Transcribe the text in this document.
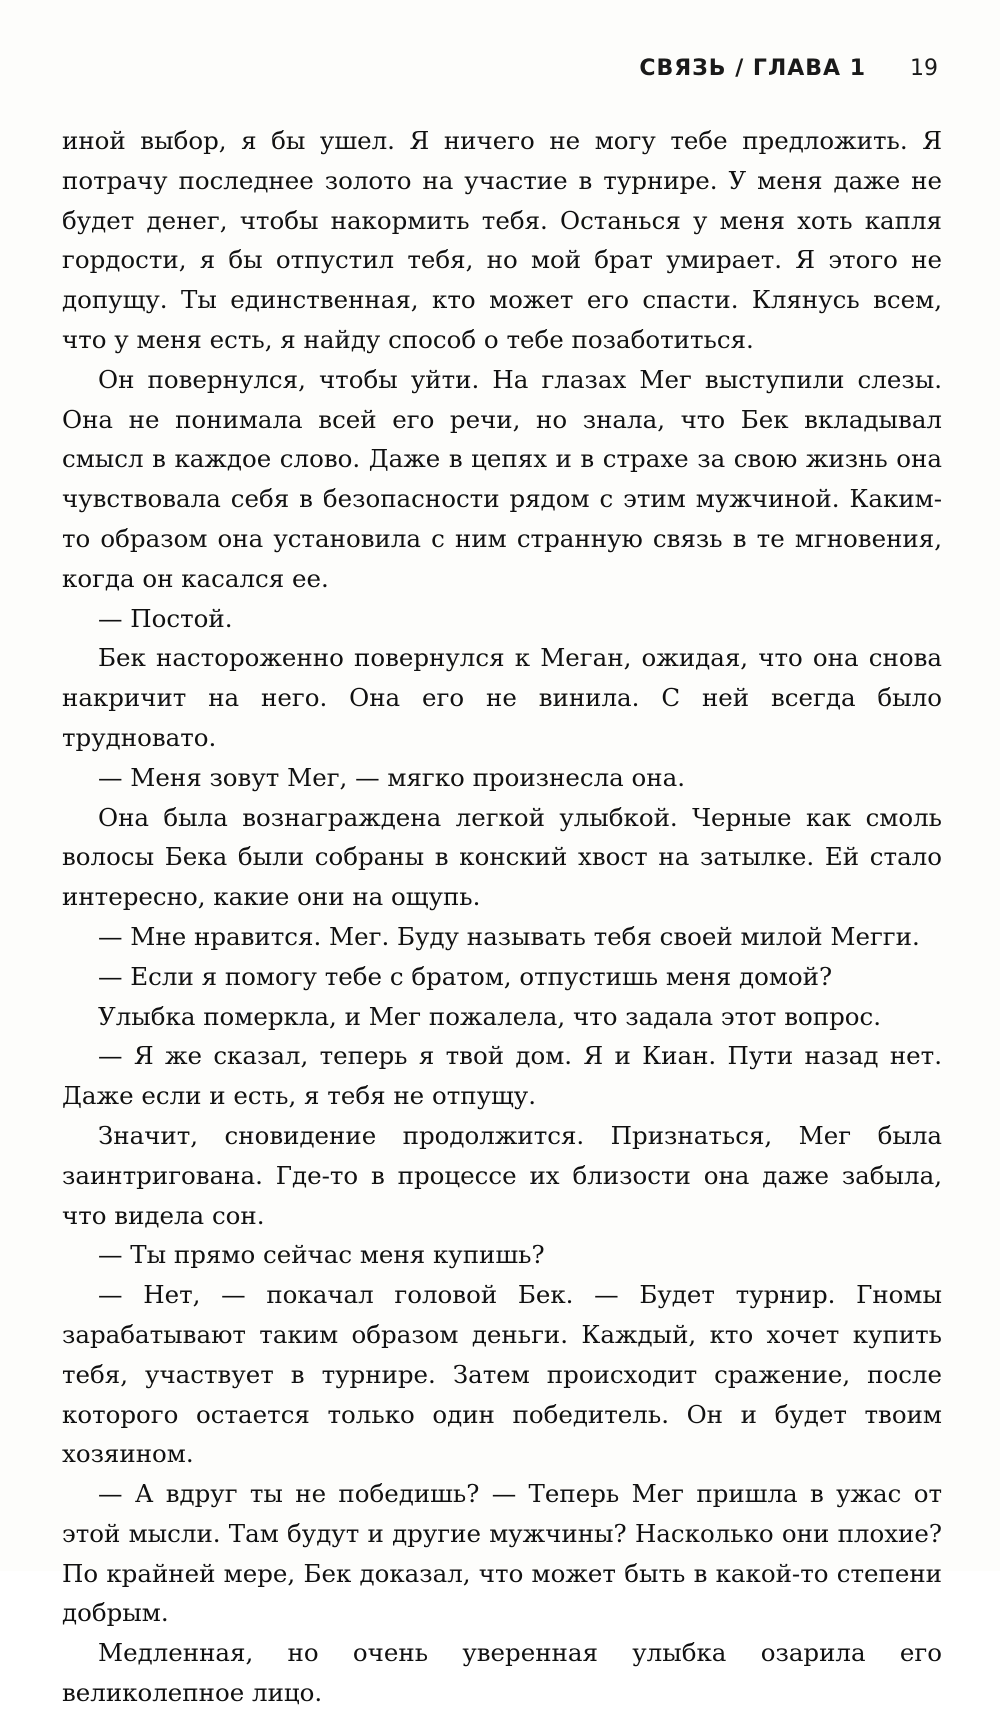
СВЯЗЬ / ГЛАВА 1 19

иной выбор, я бы ушел. Я ничего не могу тебе предложить. Я потрачу последнее золото на участие в турнире. У меня даже не будет денег, чтобы накормить тебя. Останься у меня хоть капля гордости, я бы отпустил тебя, но мой брат умирает. Я этого не допущу. Ты единственная, кто может его спасти. Клянусь всем, что у меня есть, я найду способ о тебе позаботиться.

Он повернулся, чтобы уйти. На глазах Мег выступили слезы. Она не понимала всей его речи, но знала, что Бек вкладывал смысл в каждое слово. Даже в цепях и в страхе за свою жизнь она чувствовала себя в безопасности рядом с этим мужчиной. Каким-то образом она установила с ним странную связь в те мгновения, когда он касался ее.

— Постой.

Бек настороженно повернулся к Меган, ожидая, что она снова накричит на него. Она его не винила. С ней всегда было трудновато.

— Меня зовут Мег, — мягко произнесла она.

Она была вознаграждена легкой улыбкой. Черные как смоль волосы Бека были собраны в конский хвост на затылке. Ей стало интересно, какие они на ощупь.

— Мне нравится. Мег. Буду называть тебя своей милой Мегги.

— Если я помогу тебе с братом, отпустишь меня домой?

Улыбка померкла, и Мег пожалела, что задала этот вопрос.

— Я же сказал, теперь я твой дом. Я и Киан. Пути назад нет. Даже если и есть, я тебя не отпущу.

Значит, сновидение продолжится. Признаться, Мег была заинтригована. Где-то в процессе их близости она даже забыла, что видела сон.

— Ты прямо сейчас меня купишь?

— Нет, — покачал головой Бек. — Будет турнир. Гномы зарабатывают таким образом деньги. Каждый, кто хочет купить тебя, участвует в турнире. Затем происходит сражение, после которого остается только один победитель. Он и будет твоим хозяином.

— А вдруг ты не победишь? — Теперь Мег пришла в ужас от этой мысли. Там будут и другие мужчины? Насколько они плохие? По крайней мере, Бек доказал, что может быть в какой-то степени добрым.

Медленная, но очень уверенная улыбка озарила его великолепное лицо.
